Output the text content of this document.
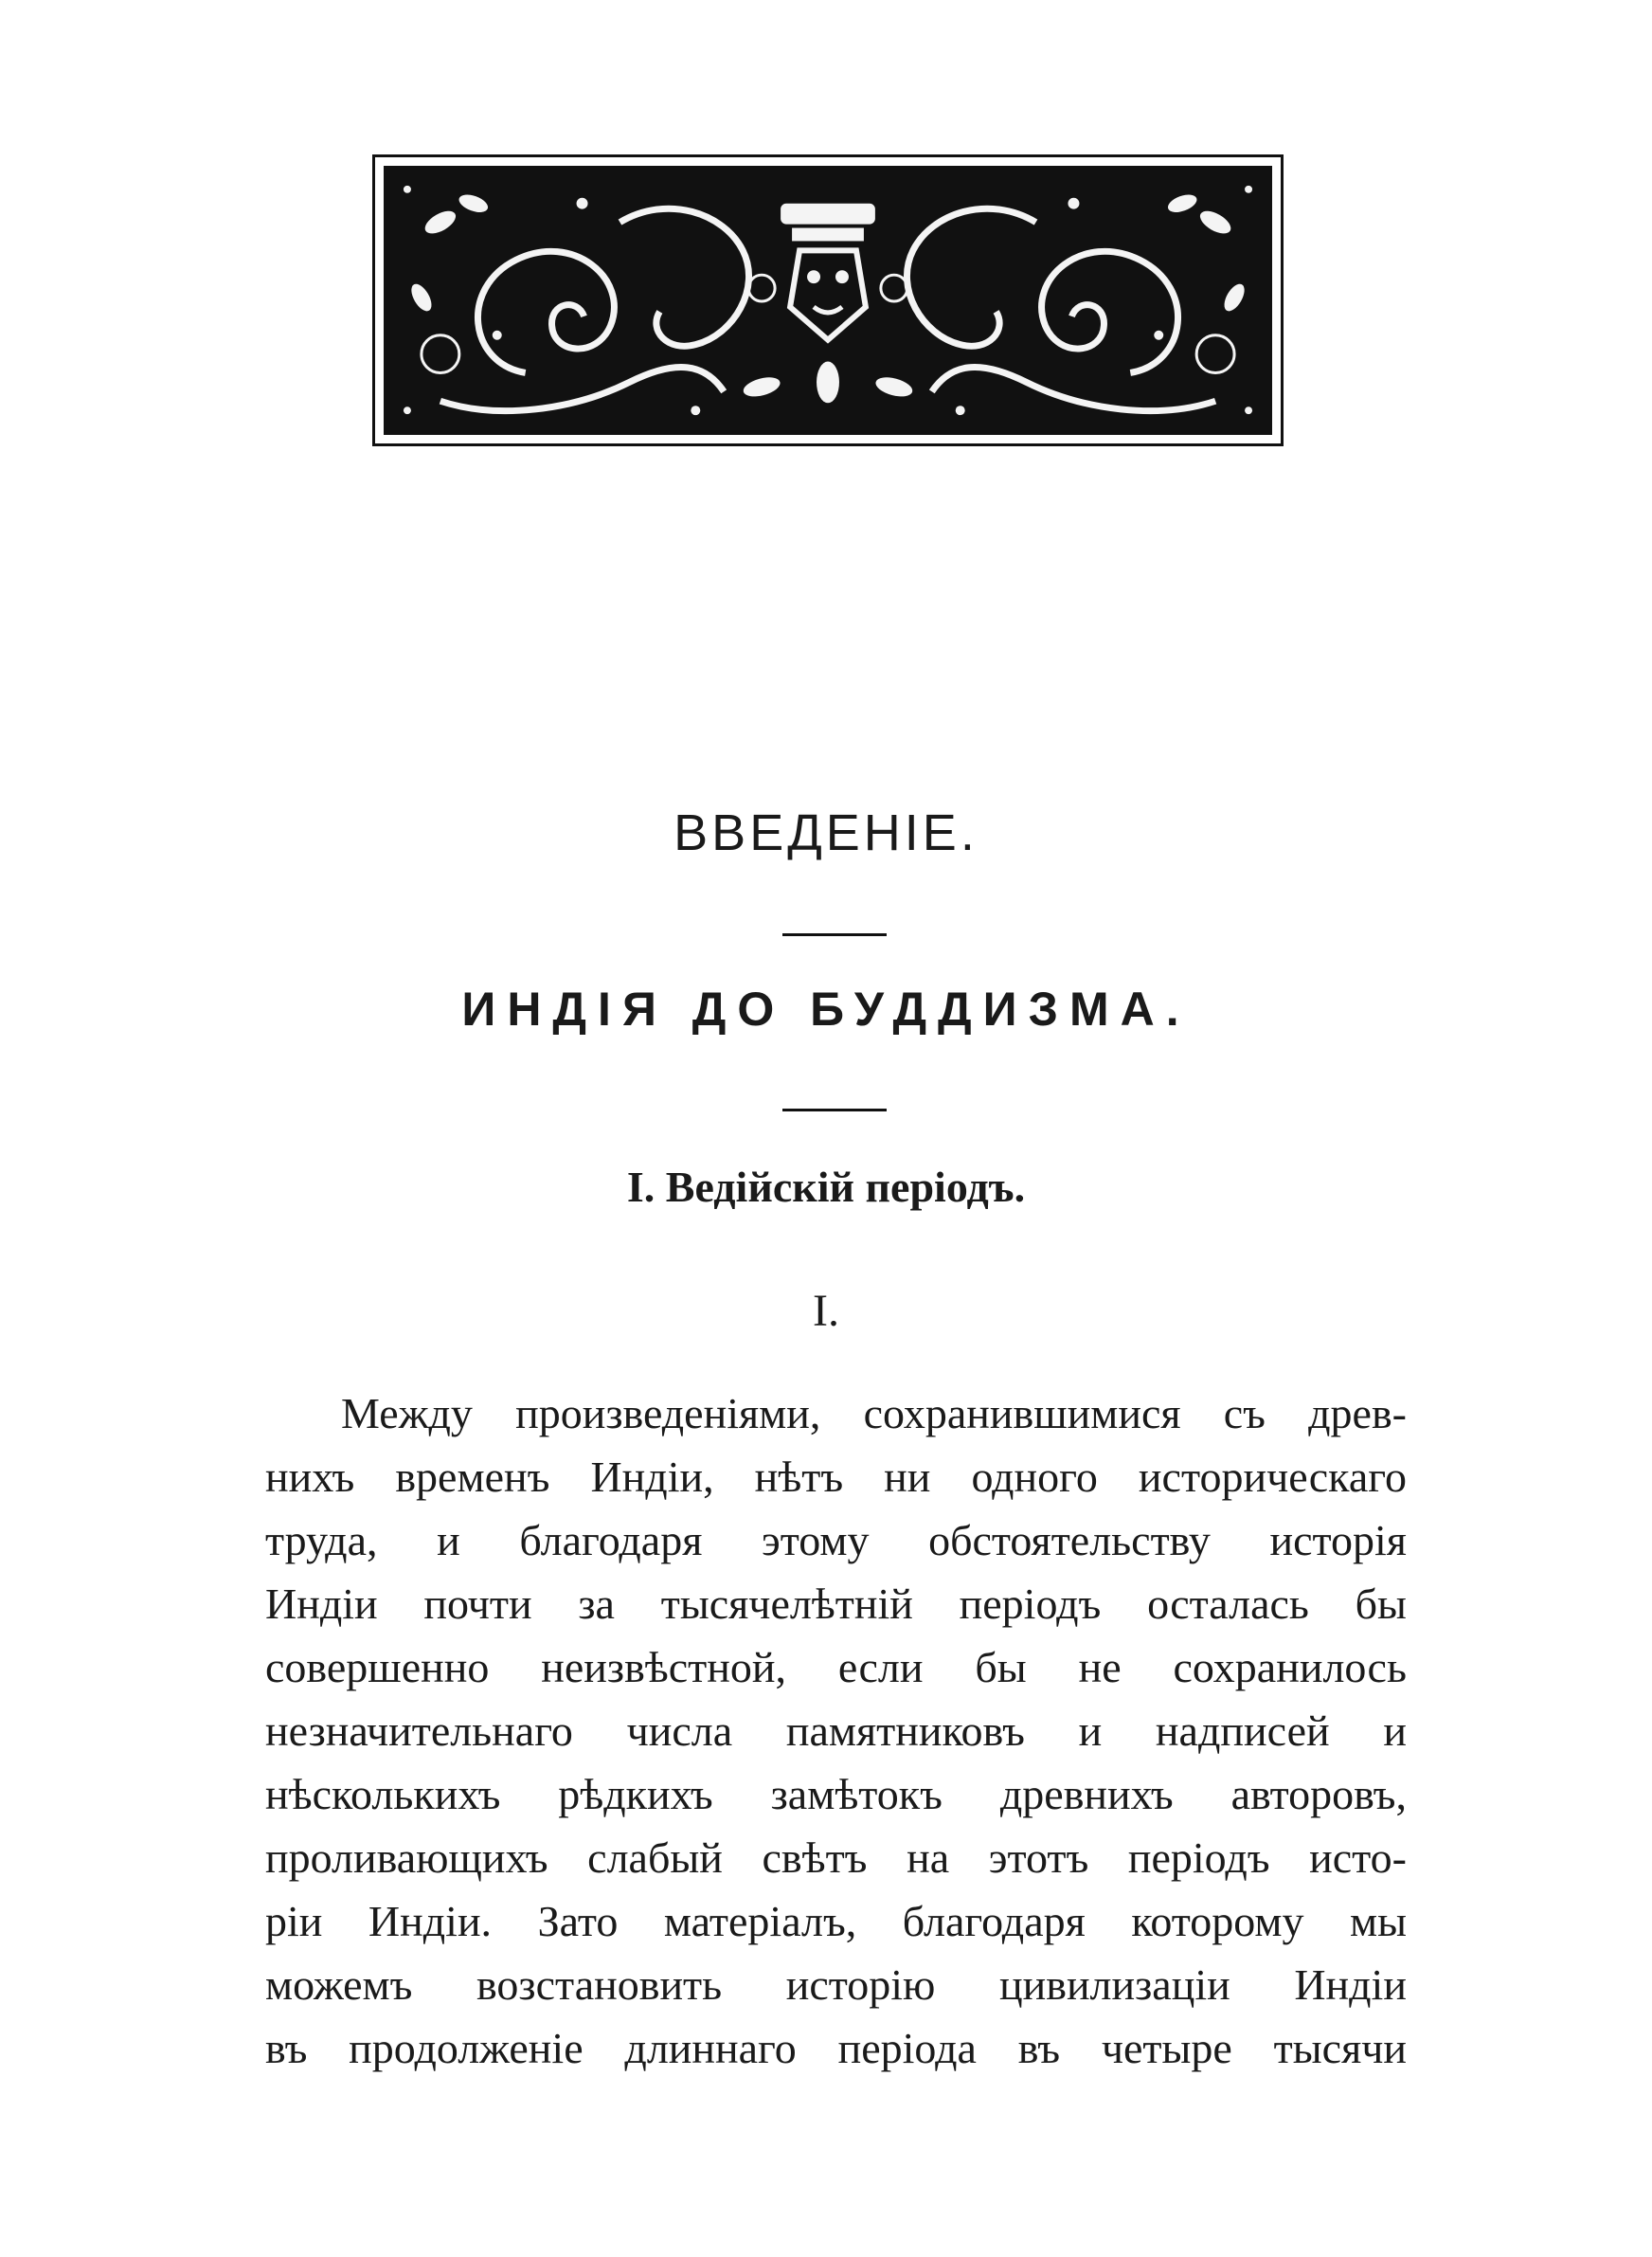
ВВЕДЕНІЕ.
ИНДІЯ ДО БУДДИЗМА.
I. Ведійскій періодъ.
I.
Между произведеніями, сохранившимися съ древ-
нихъ временъ Индіи, нѣтъ ни одного историческаго
труда, и благодаря этому обстоятельству исторія
Индіи почти за тысячелѣтній періодъ осталась бы
совершенно неизвѣстной, если бы не сохранилось
незначительнаго числа памятниковъ и надписей и
нѣсколькихъ рѣдкихъ замѣтокъ древнихъ авторовъ,
проливающихъ слабый свѣтъ на этотъ періодъ исто-
ріи Индіи. Зато матеріалъ, благодаря которому мы
можемъ возстановить исторію цивилизаціи Индіи
въ продолженіе длиннаго періода въ четыре тысячи
